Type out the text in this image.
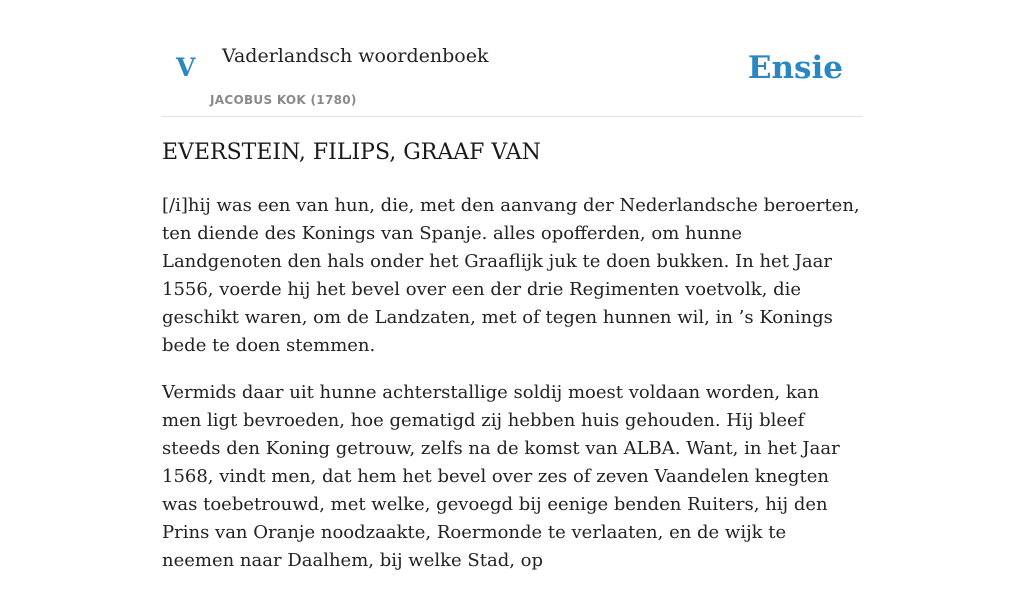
V Vaderlandsch woordenboek
JACOBUS KOK (1780)
Ensie
EVERSTEIN, FILIPS, GRAAF VAN

[/i]hij was een van hun, die, met den aanvang der Nederlandsche beroerten, ten diende des Konings van Spanje. alles opofferden, om hunne Landgenoten den hals onder het Graaflijk juk te doen bukken. In het Jaar 1556, voerde hij het bevel over een der drie Regimenten voetvolk, die geschikt waren, om de Landzaten, met of tegen hunnen wil, in ’s Konings bede te doen stemmen.

Vermids daar uit hunne achterstallige soldij moest voldaan worden, kan men ligt bevroeden, hoe gematigd zij hebben huis gehouden. Hij bleef steeds den Koning getrouw, zelfs na de komst van ALBA. Want, in het Jaar 1568, vindt men, dat hem het bevel over zes of zeven Vaandelen knegten was toebetrouwd, met welke, gevoegd bij eenige benden Ruiters, hij den Prins van Oranje noodzaakte, Roermonde te verlaaten, en de wijk te neemen naar Daalhem, bij welke Stad, op
